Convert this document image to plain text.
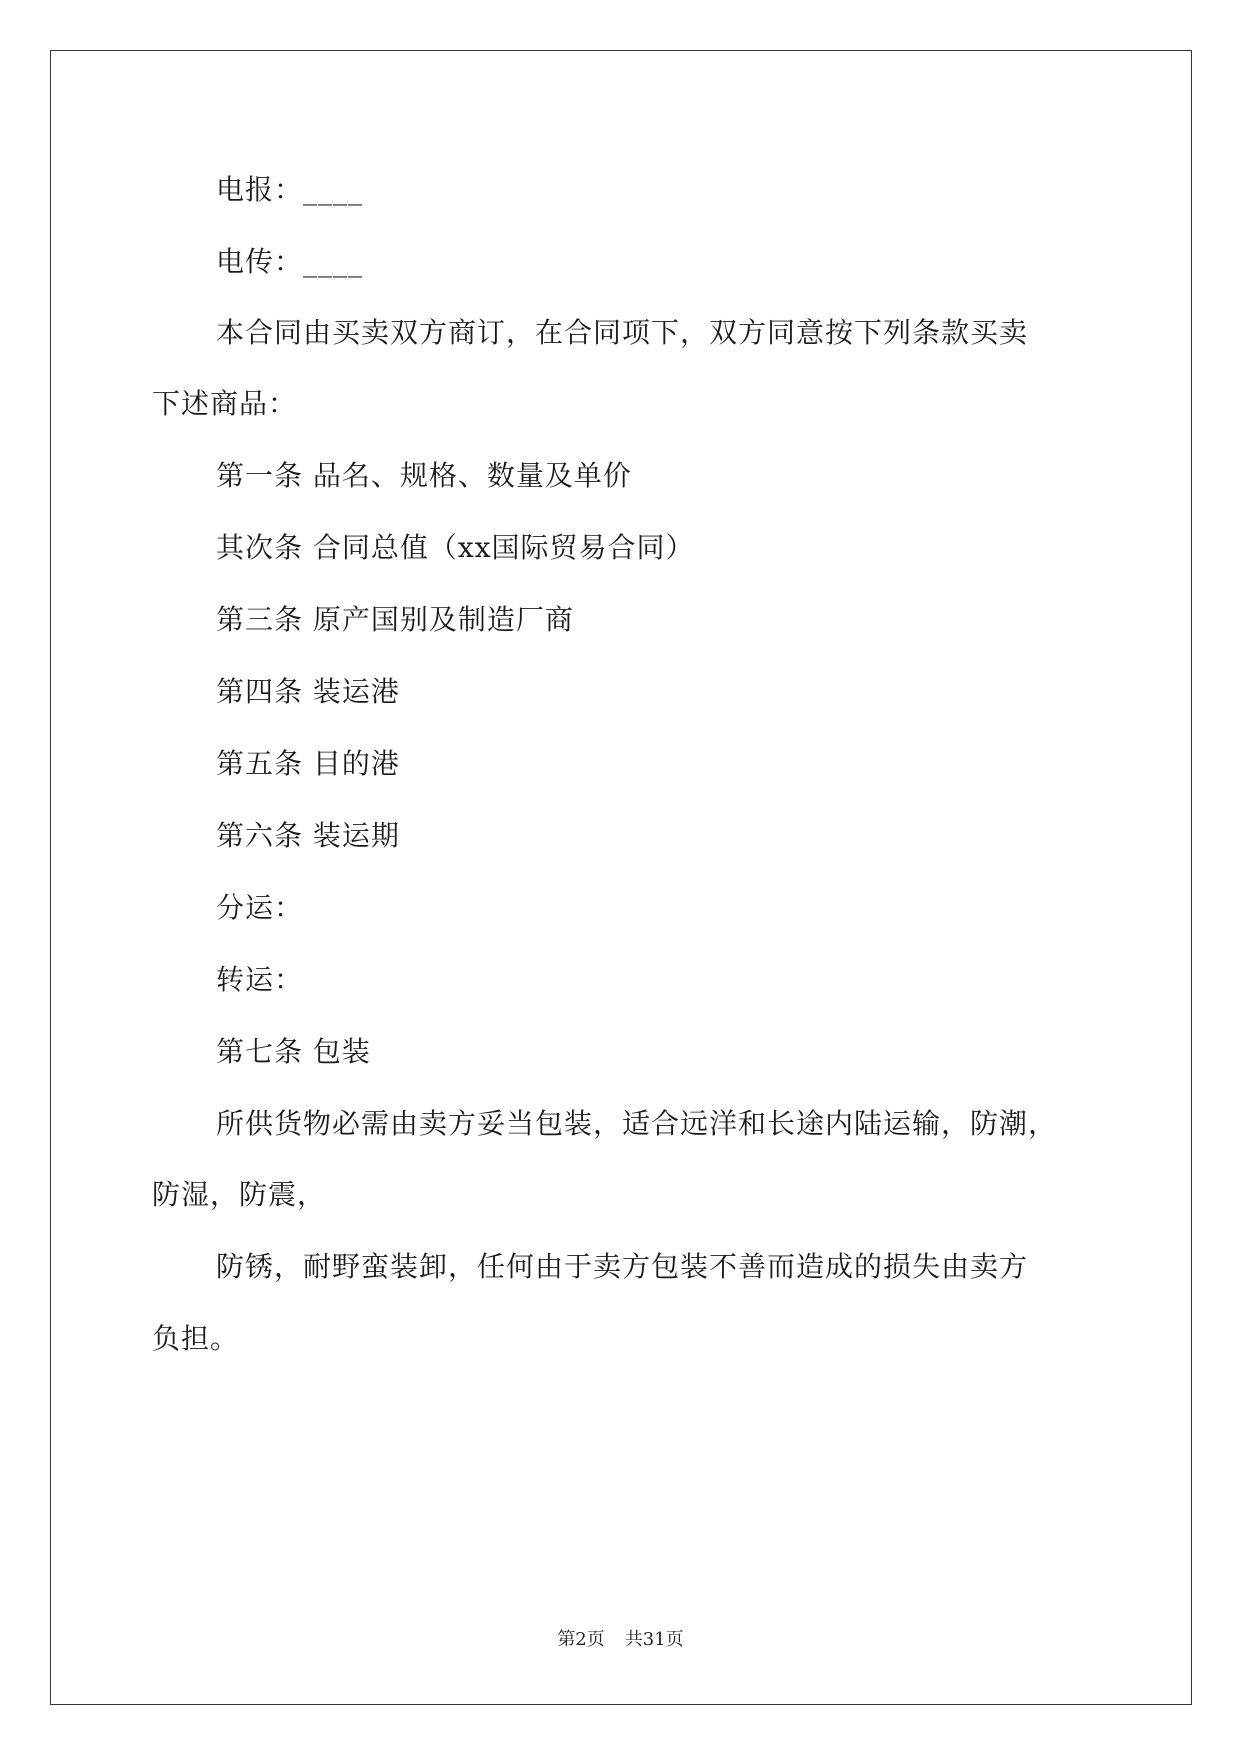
电报：____
电传：____
本合同由买卖双方商订，在合同项下，双方同意按下列条款买卖
下述商品：
第一条 品名、规格、数量及单价
其次条 合同总值（xx国际贸易合同）
第三条 原产国别及制造厂商
第四条 装运港
第五条 目的港
第六条 装运期
分运：
转运：
第七条 包装
所供货物必需由卖方妥当包装，适合远洋和长途内陆运输，防潮，
防湿，防震，
防锈，耐野蛮装卸，任何由于卖方包装不善而造成的损失由卖方
负担。
第2页 共31页
